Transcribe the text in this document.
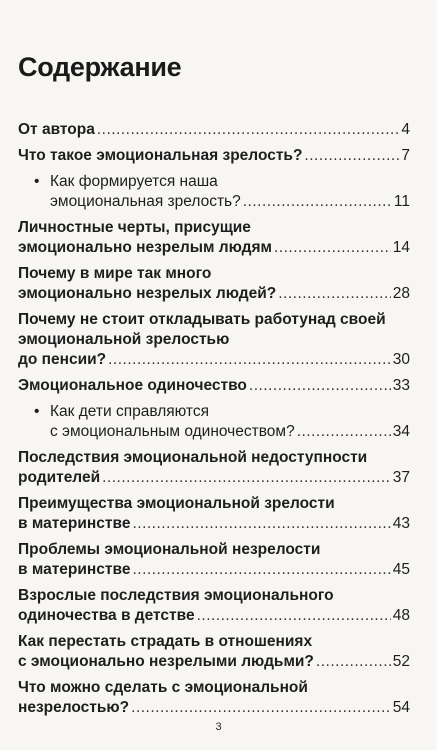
Содержание
От автора .....	4
Что такое эмоциональная зрелость? .....	7
• Как формируется наша
эмоциональная зрелость? .....	11
Личностные черты, присущие
эмоционально незрелым людям .....	14
Почему в мире так много
эмоционально незрелых людей? .....	28
Почему не стоит откладывать работунад своей эмоциональной зрелостью
до пенсии? .....	30
Эмоциональное одиночество .....	33
• Как дети справляются
с эмоциональным одиночеством? .....	34
Последствия эмоциональной недоступности
родителей .....	37
Преимущества эмоциональной зрелости
в материнстве .....	43
Проблемы эмоциональной незрелости
в материнстве .....	45
Взрослые последствия эмоционального
одиночества в детстве .....	48
Как перестать страдать в отношениях
с эмоционально незрелыми людьми? .....	52
Что можно сделать с эмоциональной
незрелостью? .....	54
3
